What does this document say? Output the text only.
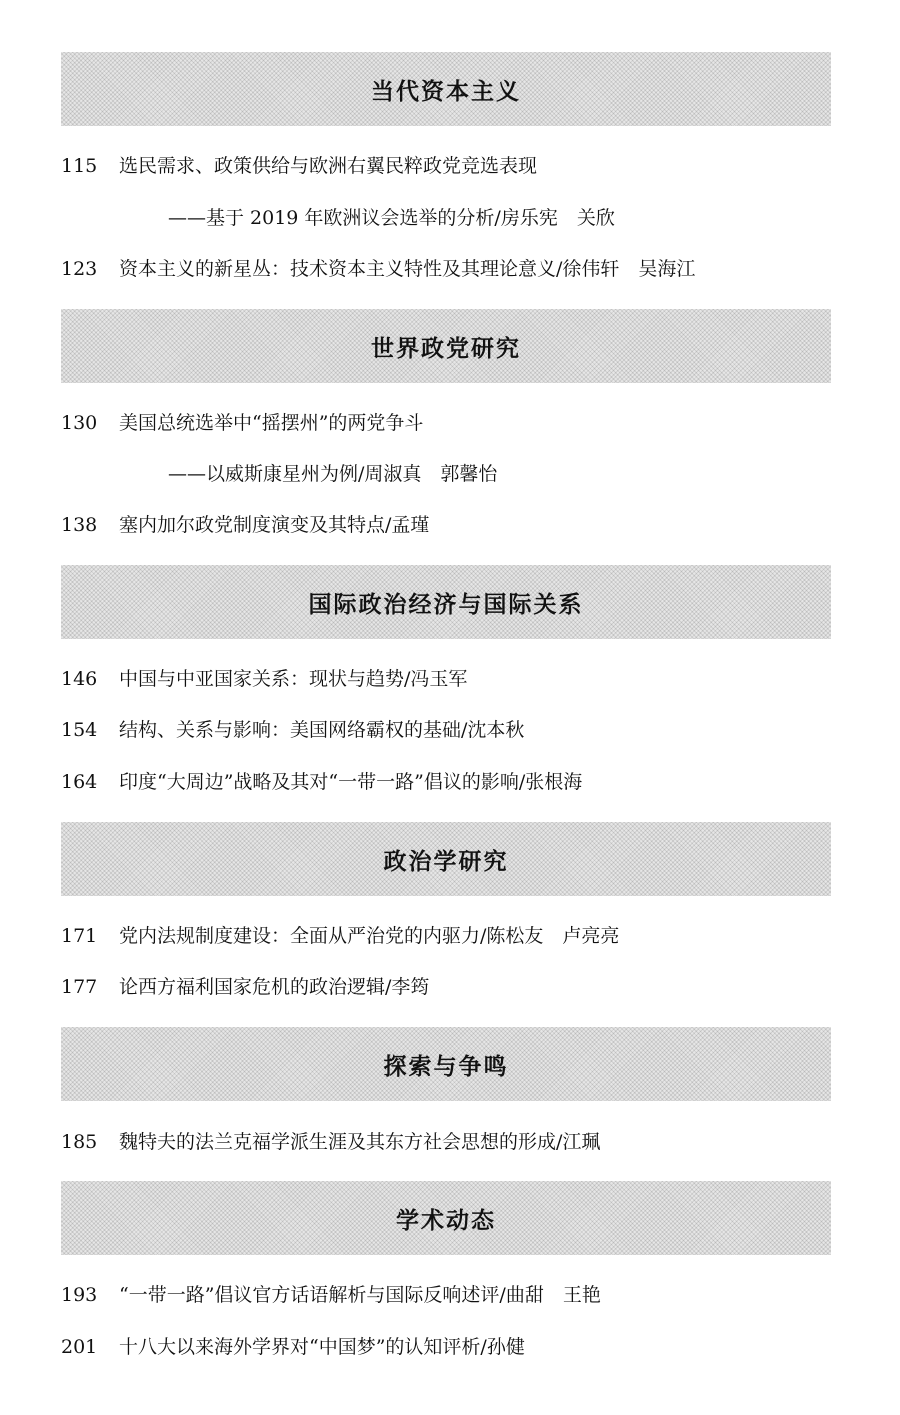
当代资本主义
115 选民需求、政策供给与欧洲右翼民粹政党竞选表现
——基于 2019 年欧洲议会选举的分析/房乐宪　关欣
123 资本主义的新星丛：技术资本主义特性及其理论意义/徐伟轩　吴海江
世界政党研究
130 美国总统选举中“摇摆州”的两党争斗
——以威斯康星州为例/周淑真　郭馨怡
138 塞内加尔政党制度演变及其特点/孟瑾
国际政治经济与国际关系
146 中国与中亚国家关系：现状与趋势/冯玉军
154 结构、关系与影响：美国网络霸权的基础/沈本秋
164 印度“大周边”战略及其对“一带一路”倡议的影响/张根海
政治学研究
171 党内法规制度建设：全面从严治党的内驱力/陈松友　卢亮亮
177 论西方福利国家危机的政治逻辑/李筠
探索与争鸣
185 魏特夫的法兰克福学派生涯及其东方社会思想的形成/江珮
学术动态
193 “一带一路”倡议官方话语解析与国际反响述评/曲甜　王艳
201 十八大以来海外学界对“中国梦”的认知评析/孙健
